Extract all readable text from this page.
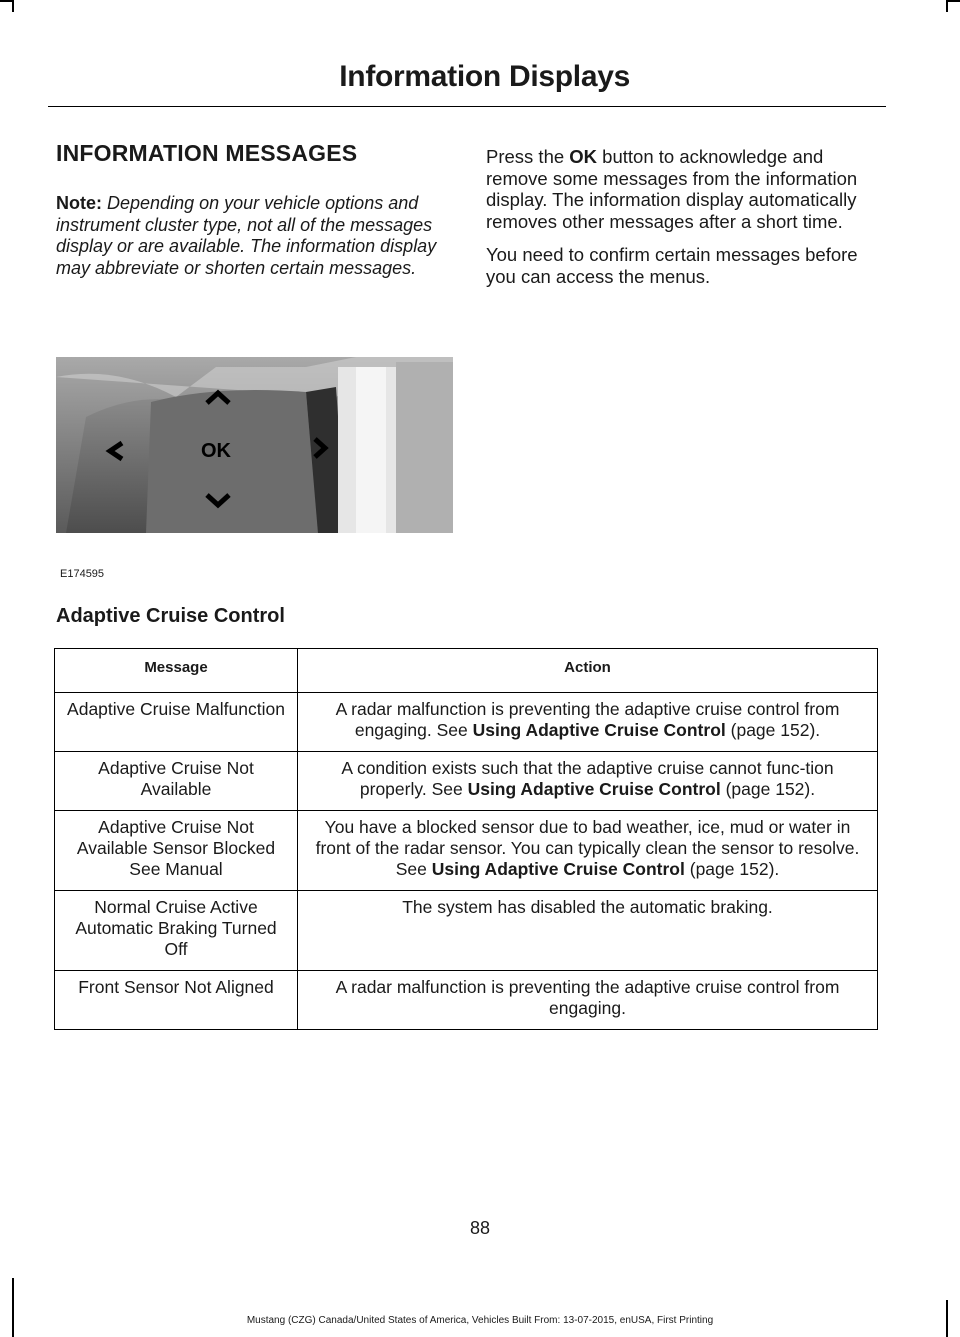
Information Displays
INFORMATION MESSAGES

Note: Depending on your vehicle options and instrument cluster type, not all of the messages display or are available. The information display may abbreviate or shorten certain messages.

Press the OK button to acknowledge and remove some messages from the information display. The information display automatically removes other messages after a short time.

You need to confirm certain messages before you can access the menus.

OK
E174595
Adaptive Cruise Control
Message	Action
Adaptive Cruise Malfunction	A radar malfunction is preventing the adaptive cruise control from engaging. See Using Adaptive Cruise Control (page 152).
Adaptive Cruise Not Available	A condition exists such that the adaptive cruise cannot func-tion properly. See Using Adaptive Cruise Control (page 152).
Adaptive Cruise Not Available Sensor Blocked See Manual	You have a blocked sensor due to bad weather, ice, mud or water in front of the radar sensor. You can typically clean the sensor to resolve. See Using Adaptive Cruise Control (page 152).
Normal Cruise Active Automatic Braking Turned Off	The system has disabled the automatic braking.
Front Sensor Not Aligned	A radar malfunction is preventing the adaptive cruise control from engaging.
88
Mustang (CZG) Canada/United States of America, Vehicles Built From: 13-07-2015, enUSA, First Printing
